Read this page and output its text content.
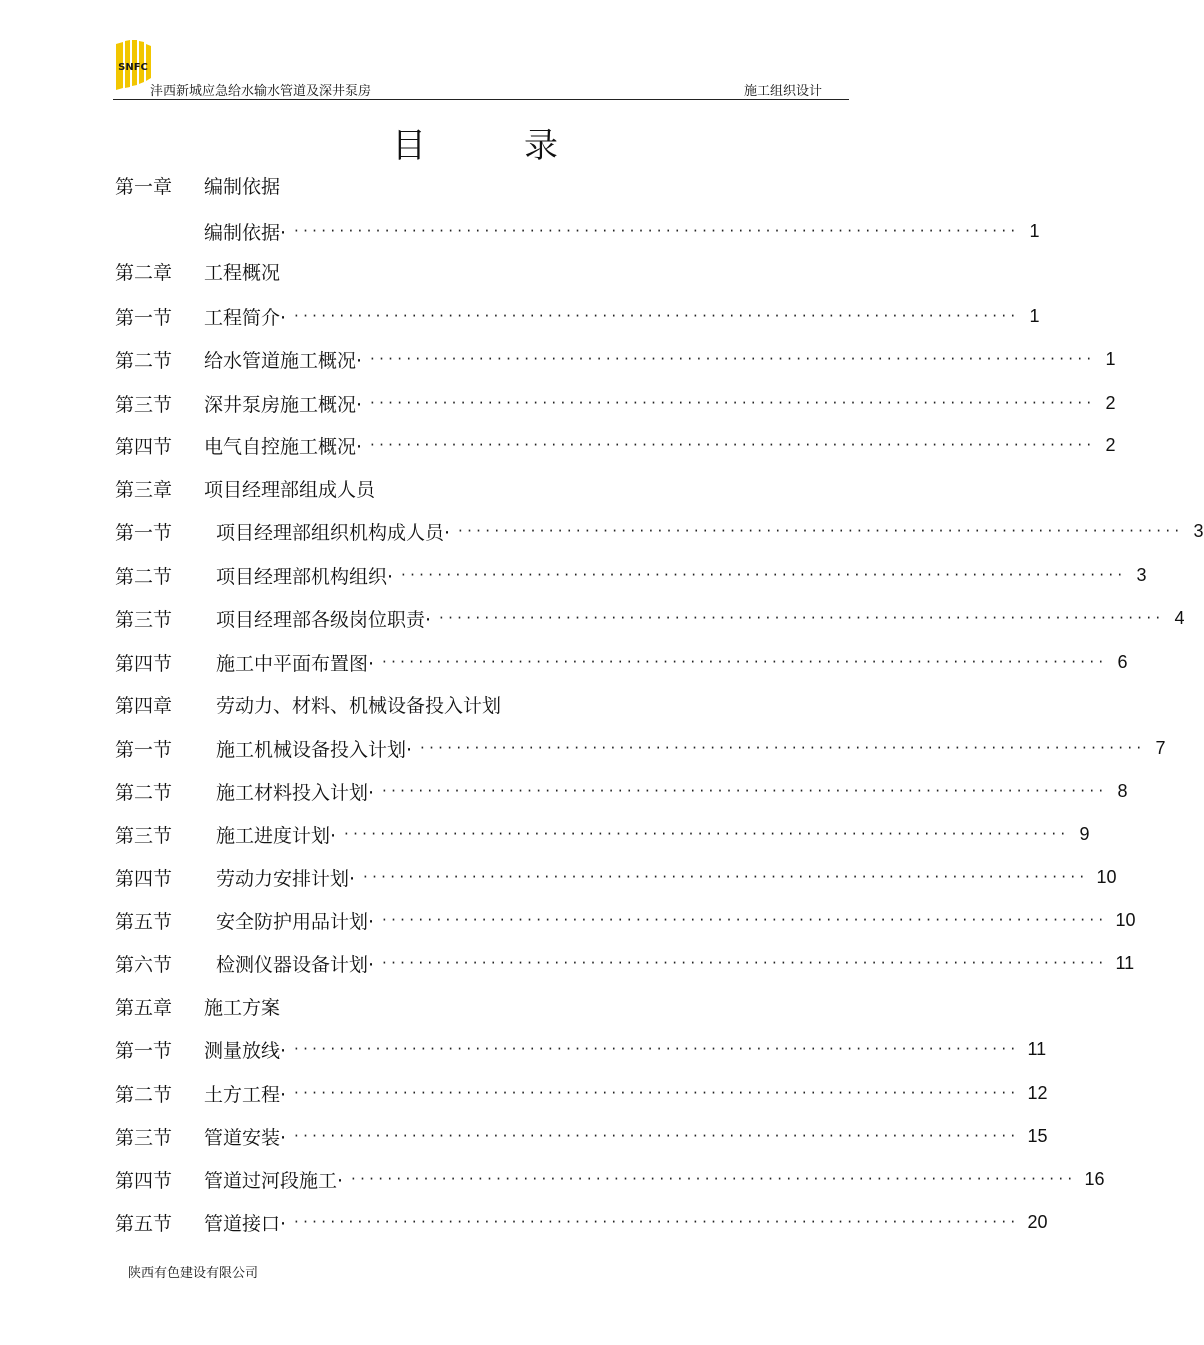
SNFC
沣西新城应急给水输水管道及深井泵房	施工组织设计
目　录
第一章	编制依据
编制依据· ················································································ 1
第二章	工程概况
第一节	工程简介· ················································································ 1
第二节	给水管道施工概况· ················································································ 1
第三节	深井泵房施工概况· ················································································ 2
第四节	电气自控施工概况· ················································································ 2
第三章	项目经理部组成人员
第一节	项目经理部组织机构成人员· ················································································ 3
第二节	项目经理部机构组织· ················································································ 3
第三节	项目经理部各级岗位职责· ················································································ 4
第四节	施工中平面布置图· ················································································ 6
第四章	劳动力、材料、机械设备投入计划
第一节	施工机械设备投入计划· ················································································ 7
第二节	施工材料投入计划· ················································································ 8
第三节	施工进度计划· ················································································ 9
第四节	劳动力安排计划· ················································································ 10
第五节	安全防护用品计划· ················································································ 10
第六节	检测仪器设备计划· ················································································ 11
第五章	施工方案
第一节	测量放线· ················································································ 11
第二节	土方工程· ················································································ 12
第三节	管道安装· ················································································ 15
第四节	管道过河段施工· ················································································ 16
第五节	管道接口· ················································································ 20
陕西有色建设有限公司
